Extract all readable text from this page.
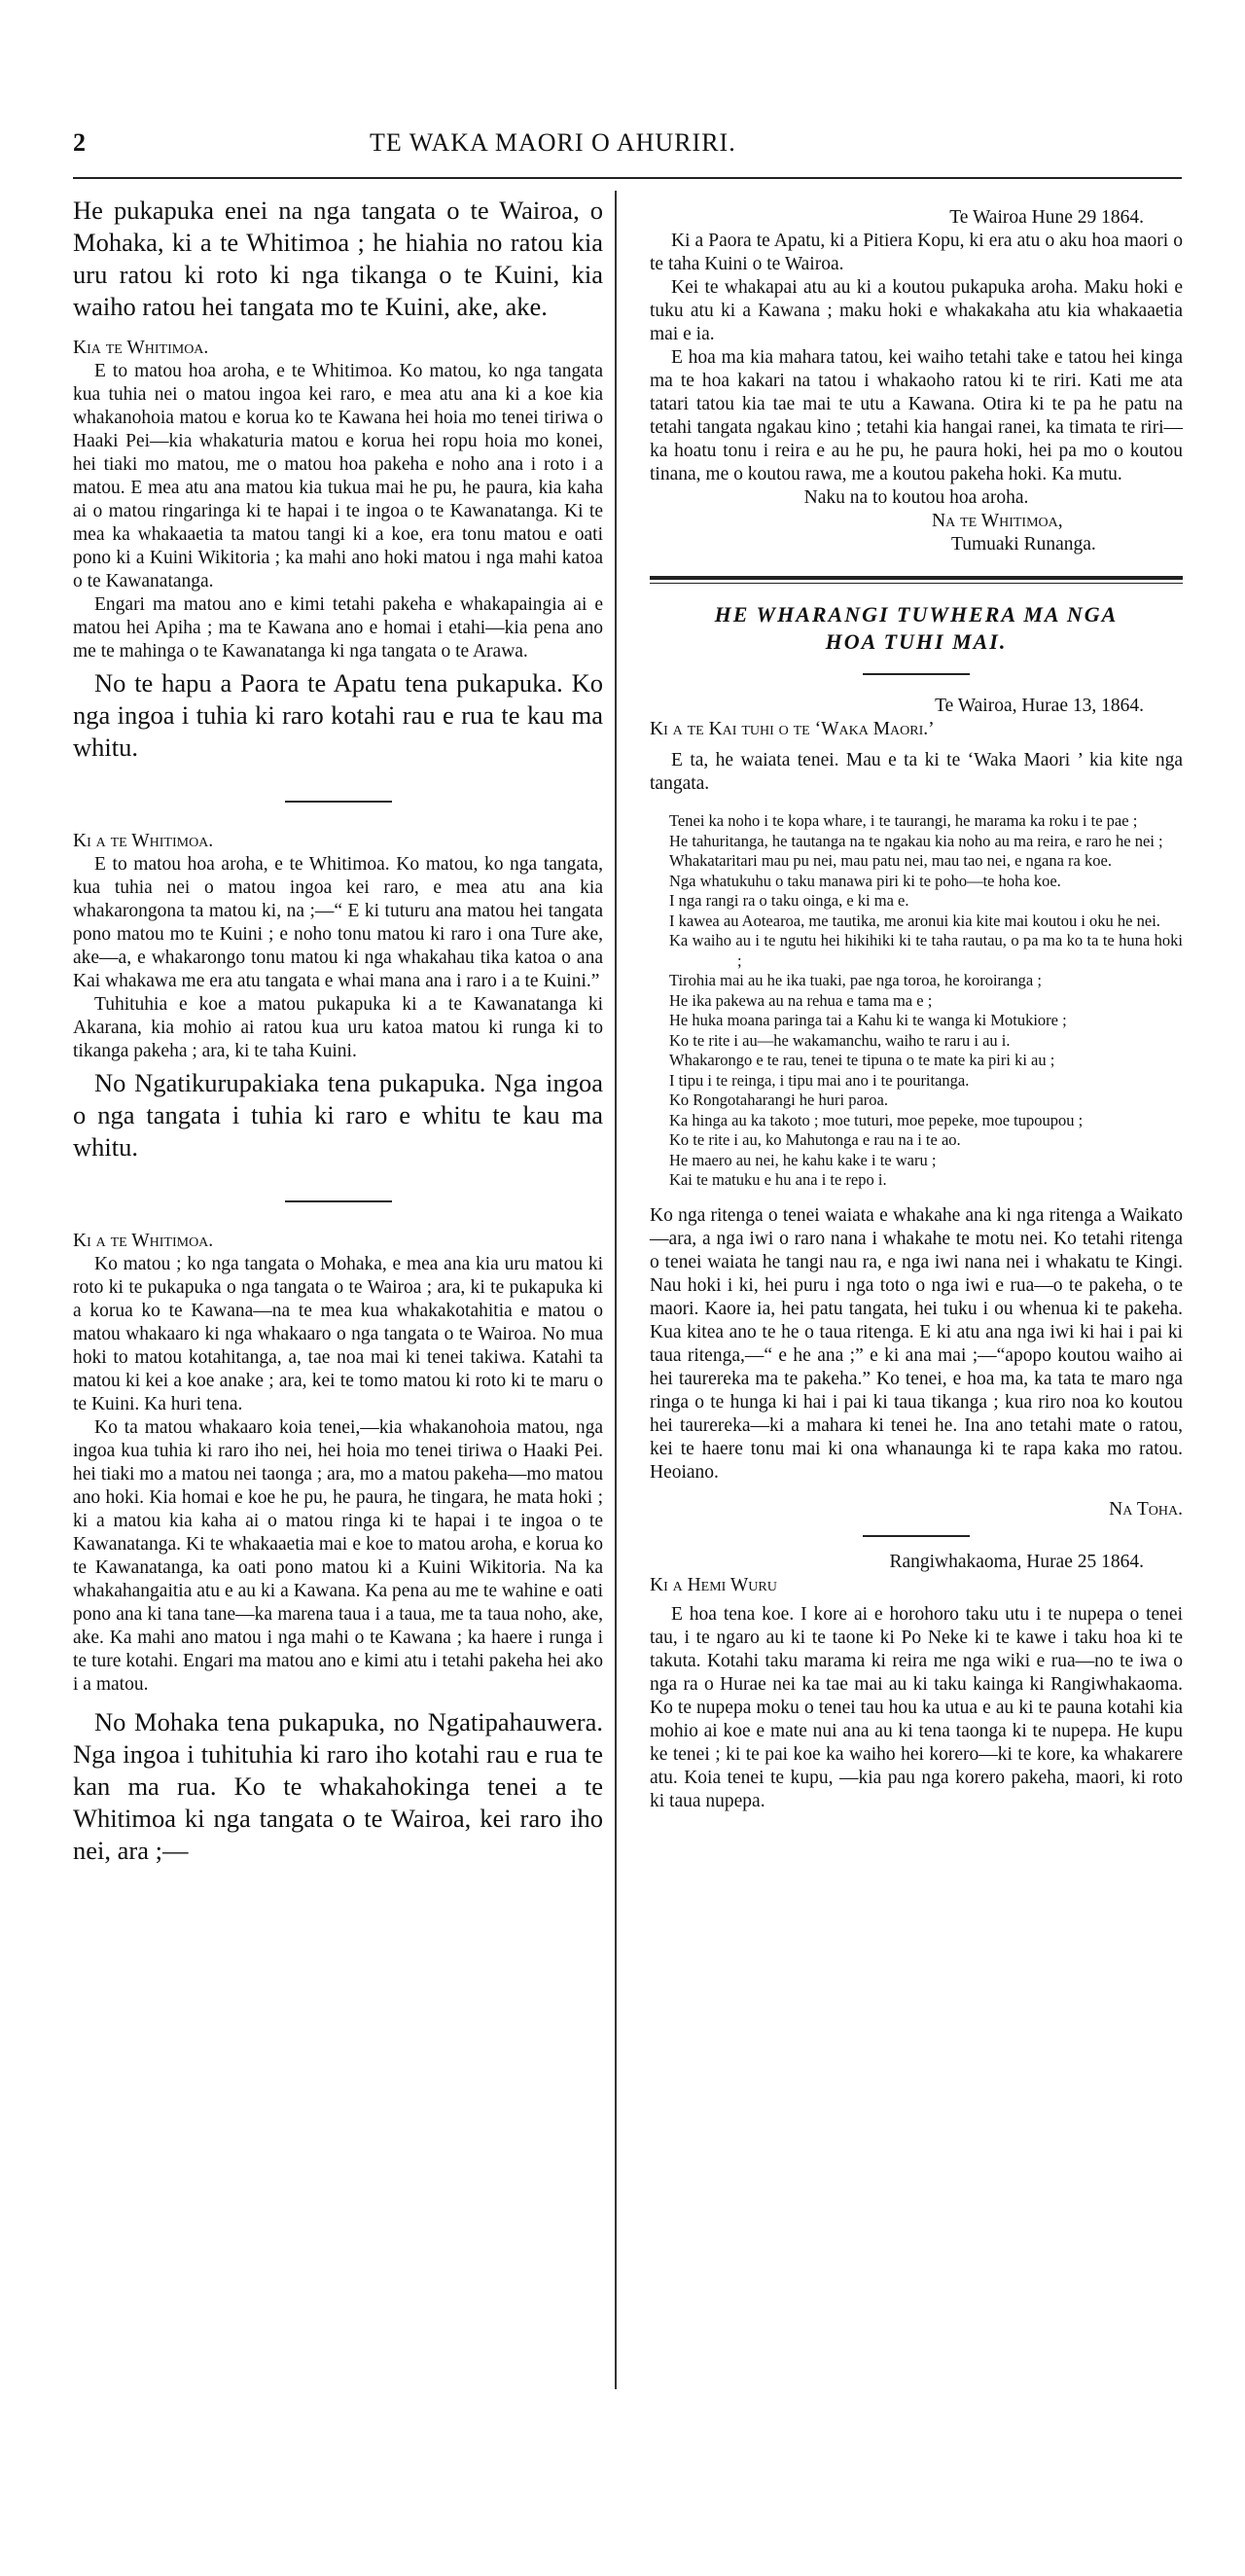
2	TE WAKA MAORI O AHURIRI.

He pukapuka enei na nga tangata o te Wairoa, o Mohaka, ki a te Whitimoa ; he hiahia no ratou kia uru ratou ki roto ki nga tikanga o te Kuini, kia waiho ratou hei tangata mo te Kuini, ake, ake.

Kia te Whitimoa.

E to matou hoa aroha, e te Whitimoa. Ko matou, ko nga tangata kua tuhia nei o matou ingoa kei raro, e mea atu ana ki a koe kia whakanohoia matou e korua ko te Kawana hei hoia mo tenei tiriwa o Haaki Pei—kia whakaturia matou e korua hei ropu hoia mo konei, hei tiaki mo matou, me o matou hoa pakeha e noho ana i roto i a matou. E mea atu ana matou kia tukua mai he pu, he paura, kia kaha ai o matou ringaringa ki te hapai i te ingoa o te Kawanatanga. Ki te mea ka whakaaetia ta matou tangi ki a koe, era tonu matou e oati pono ki a Kuini Wikitoria ; ka mahi ano hoki matou i nga mahi katoa o te Kawanatanga.

Engari ma matou ano e kimi tetahi pakeha e whakapaingia ai e matou hei Apiha ; ma te Kawana ano e homai i etahi—kia pena ano me te mahinga o te Kawanatanga ki nga tangata o te Arawa.

No te hapu a Paora te Apatu tena pukapuka. Ko nga ingoa i tuhia ki raro kotahi rau e rua te kau ma whitu.

Ki a te Whitimoa.

E to matou hoa aroha, e te Whitimoa. Ko matou, ko nga tangata, kua tuhia nei o matou ingoa kei raro, e mea atu ana kia whakarongona ta matou ki, na ;—“ E ki tuturu ana matou hei tangata pono matou mo te Kuini ; e noho tonu matou ki raro i ona Ture ake, ake—a, e whakarongo tonu matou ki nga whakahau tika katoa o ana Kai whakawa me era atu tangata e whai mana ana i raro i a te Kuini.”

Tuhituhia e koe a matou pukapuka ki a te Kawanatanga ki Akarana, kia mohio ai ratou kua uru katoa matou ki runga ki to tikanga pakeha ; ara, ki te taha Kuini.

No Ngatikurupakiaka tena pukapuka. Nga ingoa o nga tangata i tuhia ki raro e whitu te kau ma whitu.

Ki a te Whitimoa.

Ko matou ; ko nga tangata o Mohaka, e mea ana kia uru matou ki roto ki te pukapuka o nga tangata o te Wairoa ; ara, ki te pukapuka ki a korua ko te Kawana—na te mea kua whakakotahitia e matou o matou whakaaro ki nga whakaaro o nga tangata o te Wairoa. No mua hoki to matou kotahitanga, a, tae noa mai ki tenei takiwa. Katahi ta matou ki kei a koe anake ; ara, kei te tomo matou ki roto ki te maru o te Kuini. Ka huri tena.

Ko ta matou whakaaro koia tenei,—kia whakanohoia matou, nga ingoa kua tuhia ki raro iho nei, hei hoia mo tenei tiriwa o Haaki Pei. hei tiaki mo a matou nei taonga ; ara, mo a matou pakeha—mo matou ano hoki. Kia homai e koe he pu, he paura, he tingara, he mata hoki ; ki a matou kia kaha ai o matou ringa ki te hapai i te ingoa o te Kawanatanga. Ki te whakaaetia mai e koe to matou aroha, e korua ko te Kawanatanga, ka oati pono matou ki a Kuini Wikitoria. Na ka whakahangaitia atu e au ki a Kawana. Ka pena au me te wahine e oati pono ana ki tana tane—ka marena taua i a taua, me ta taua noho, ake, ake. Ka mahi ano matou i nga mahi o te Kawana ; ka haere i runga i te ture kotahi. Engari ma matou ano e kimi atu i tetahi pakeha hei ako i a matou.

No Mohaka tena pukapuka, no Ngatipahauwera. Nga ingoa i tuhituhia ki raro iho kotahi rau e rua te kan ma rua. Ko te whakahokinga tenei a te Whitimoa ki nga tangata o te Wairoa, kei raro iho nei, ara ;—

Te Wairoa Hune 29 1864.

Ki a Paora te Apatu, ki a Pitiera Kopu, ki era atu o aku hoa maori o te taha Kuini o te Wairoa.

Kei te whakapai atu au ki a koutou pukapuka aroha. Maku hoki e tuku atu ki a Kawana ; maku hoki e whakakaha atu kia whakaaetia mai e ia.

E hoa ma kia mahara tatou, kei waiho tetahi take e tatou hei kinga ma te hoa kakari na tatou i whakaoho ratou ki te riri. Kati me ata tatari tatou kia tae mai te utu a Kawana. Otira ki te pa he patu na tetahi tangata ngakau kino ; tetahi kia hangai ranei, ka timata te riri—ka hoatu tonu i reira e au he pu, he paura hoki, hei pa mo o koutou tinana, me o koutou rawa, me a koutou pakeha hoki. Ka mutu.

Naku na to koutou hoa aroha.
Na te Whitimoa,
Tumuaki Runanga.
HE WHARANGI TUWHERA MA NGA
HOA TUHI MAI.
Te Wairoa, Hurae 13, 1864.
Ki a te Kai tuhi o te ‘Waka Maori.’

E ta, he waiata tenei. Mau e ta ki te ‘Waka Maori ’ kia kite nga tangata.

Tenei ka noho i te kopa whare, i te taurangi, he marama ka roku i te pae ;
He tahuritanga, he tautanga na te ngakau kia noho au ma reira, e raro he nei ;
Whakataritari mau pu nei, mau patu nei, mau tao nei, e ngana ra koe.
Nga whatukuhu o taku manawa piri ki te poho—te hoha koe.
I nga rangi ra o taku oinga, e ki ma e.
I kawea au Aotearoa, me tautika, me aronui kia kite mai koutou i oku he nei.
Ka waiho au i te ngutu hei hikihiki ki te taha rautau, o pa ma ko ta te huna hoki ;
Tirohia mai au he ika tuaki, pae nga toroa, he koroiranga ;
He ika pakewa au na rehua e tama ma e ;
He huka moana paringa tai a Kahu ki te wanga ki Motukiore ;
Ko te rite i au—he wakamanchu, waiho te raru i au i.
Whakarongo e te rau, tenei te tipuna o te mate ka piri ki au ;
I tipu i te reinga, i tipu mai ano i te pouritanga.
Ko Rongotaharangi he huri paroa.
Ka hinga au ka takoto ; moe tuturi, moe pepeke, moe tupoupou ;
Ko te rite i au, ko Mahutonga e rau na i te ao.
He maero au nei, he kahu kake i te waru ;
Kai te matuku e hu ana i te repo i.

Ko nga ritenga o tenei waiata e whakahe ana ki nga ritenga a Waikato—ara, a nga iwi o raro nana i whakahe te motu nei. Ko tetahi ritenga o tenei waiata he tangi nau ra, e nga iwi nana nei i whakatu te Kingi. Nau hoki i ki, hei puru i nga toto o nga iwi e rua—o te pakeha, o te maori. Kaore ia, hei patu tangata, hei tuku i ou whenua ki te pakeha. Kua kitea ano te he o taua ritenga. E ki atu ana nga iwi ki hai i pai ki taua ritenga,—“ e he ana ;” e ki ana mai ;—“apopo koutou waiho ai hei taurereka ma te pakeha.” Ko tenei, e hoa ma, ka tata te maro nga ringa o te hunga ki hai i pai ki taua tikanga ; kua riro noa ko koutou hei taurereka—ki a mahara ki tenei he. Ina ano tetahi mate o ratou, kei te haere tonu mai ki ona whanaunga ki te rapa kaka mo ratou. Heoiano.

Na Toha.
Rangiwhakaoma, Hurae 25 1864.
Ki a Hemi Wuru

E hoa tena koe. I kore ai e horohoro taku utu i te nupepa o tenei tau, i te ngaro au ki te taone ki Po Neke ki te kawe i taku hoa ki te takuta. Kotahi taku marama ki reira me nga wiki e rua—no te iwa o nga ra o Hurae nei ka tae mai au ki taku kainga ki Rangiwhakaoma. Ko te nupepa moku o tenei tau hou ka utua e au ki te pauna kotahi kia mohio ai koe e mate nui ana au ki tena taonga ki te nupepa. He kupu ke tenei ; ki te pai koe ka waiho hei korero—ki te kore, ka whakarere atu. Koia tenei te kupu, —kia pau nga korero pakeha, maori, ki roto ki taua nupepa.
